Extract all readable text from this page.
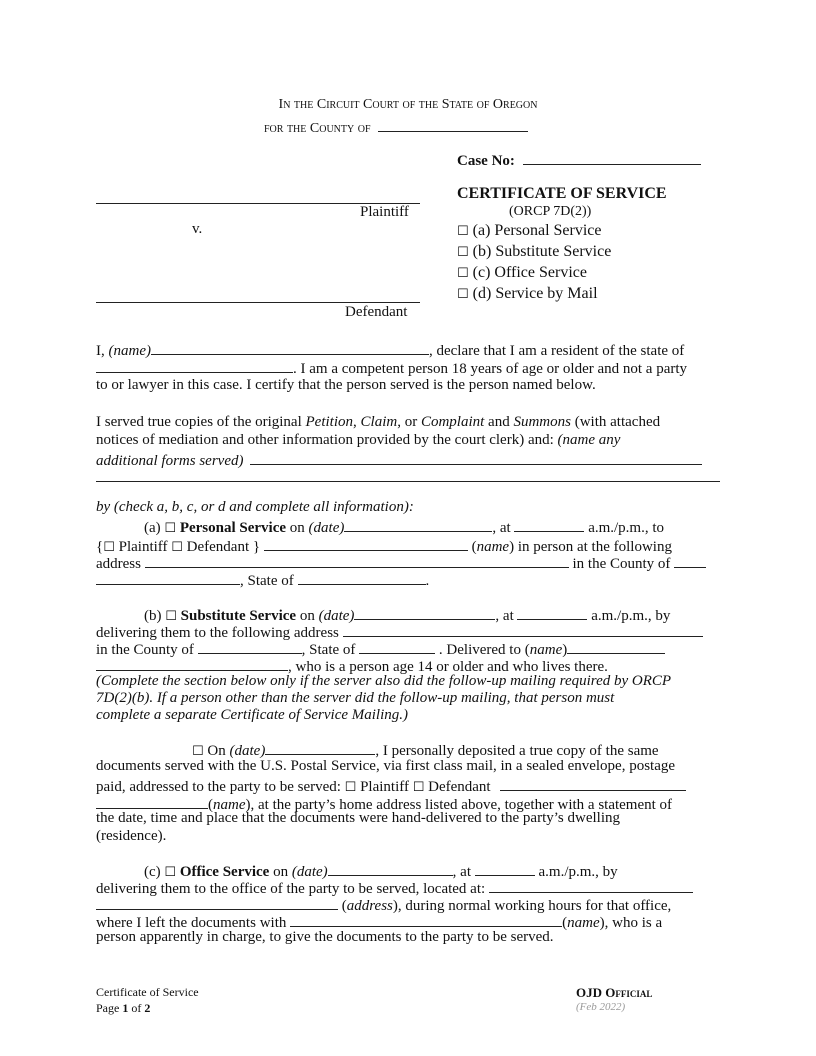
In the Circuit Court of the State of Oregon
for the County of
Case No:
Plaintiff
v.
Defendant
CERTIFICATE OF SERVICE
(ORCP 7D(2))
☐ (a) Personal Service
☐ (b) Substitute Service
☐ (c) Office Service
☐ (d) Service by Mail
I, (name)	, declare that I am a resident of the state of
. I am a competent person 18 years of age or older and not a party
to or lawyer in this case. I certify that the person served is the person named below.
I served true copies of the original Petition, Claim, or Complaint and Summons (with attached
notices of mediation and other information provided by the court clerk) and: (name any
additional forms served)
by (check a, b, c, or d and complete all information):
(a) ☐ Personal Service on (date)	, at	a.m./p.m., to
{☐ Plaintiff ☐ Defendant }	(name) in person at the following
address	in the County of
, State of	.
(b) ☐ Substitute Service on (date)	, at	a.m./p.m., by
delivering them to the following address
in the County of	, State of	. Delivered to (name)
, who is a person age 14 or older and who lives there.
(Complete the section below only if the server also did the follow-up mailing required by ORCP
7D(2)(b). If a person other than the server did the follow-up mailing, that person must
complete a separate Certificate of Service Mailing.)
☐ On (date)	, I personally deposited a true copy of the same
documents served with the U.S. Postal Service, via first class mail, in a sealed envelope, postage
paid, addressed to the party to be served: ☐ Plaintiff ☐ Defendant
(name), at the party’s home address listed above, together with a statement of
the date, time and place that the documents were hand-delivered to the party’s dwelling
(residence).
(c) ☐ Office Service on (date)	, at	a.m./p.m., by
delivering them to the office of the party to be served, located at:
(address), during normal working hours for that office,
where I left the documents with	(name), who is a
person apparently in charge, to give the documents to the party to be served.
Certificate of Service
Page 1 of 2
OJD Official
(Feb 2022)
